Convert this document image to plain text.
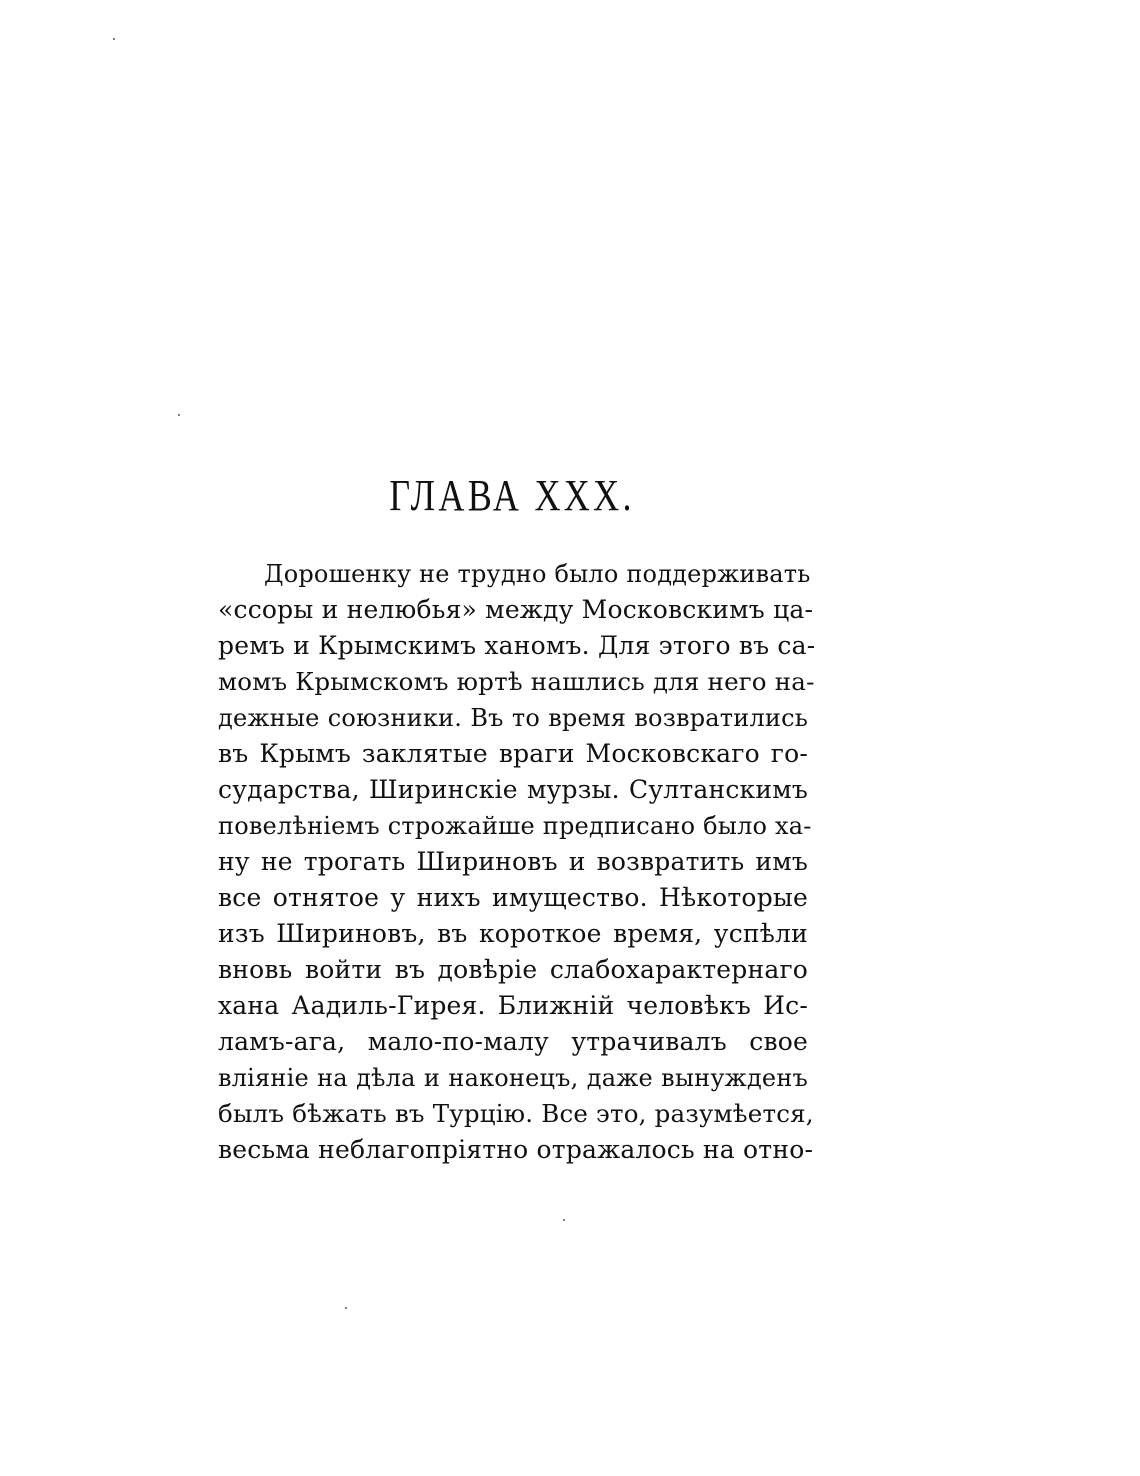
ГЛАВА XXX.
Дорошенку не трудно было поддерживать
«ссоры и нелюбья» между Московскимъ ца-
ремъ и Крымскимъ ханомъ. Для этого въ са-
момъ Крымскомъ юртѣ нашлись для него на-
дежные союзники. Въ то время возвратились
въ Крымъ заклятые враги Московскаго го-
сударства, Ширинскіе мурзы. Султанскимъ
повелѣніемъ строжайше предписано было ха-
ну не трогать Шириновъ и возвратить имъ
все отнятое у нихъ имущество. Нѣкоторые
изъ Шириновъ, въ короткое время, успѣли
вновь войти въ довѣріе слабохарактернаго
хана Аадиль-Гирея. Ближній человѣкъ Ис-
ламъ-ага, мало-по-малу утрачивалъ свое
вліяніе на дѣла и наконецъ, даже вынужденъ
былъ бѣжать въ Турцію. Все это, разумѣется,
весьма неблагопріятно отражалось на отно-
